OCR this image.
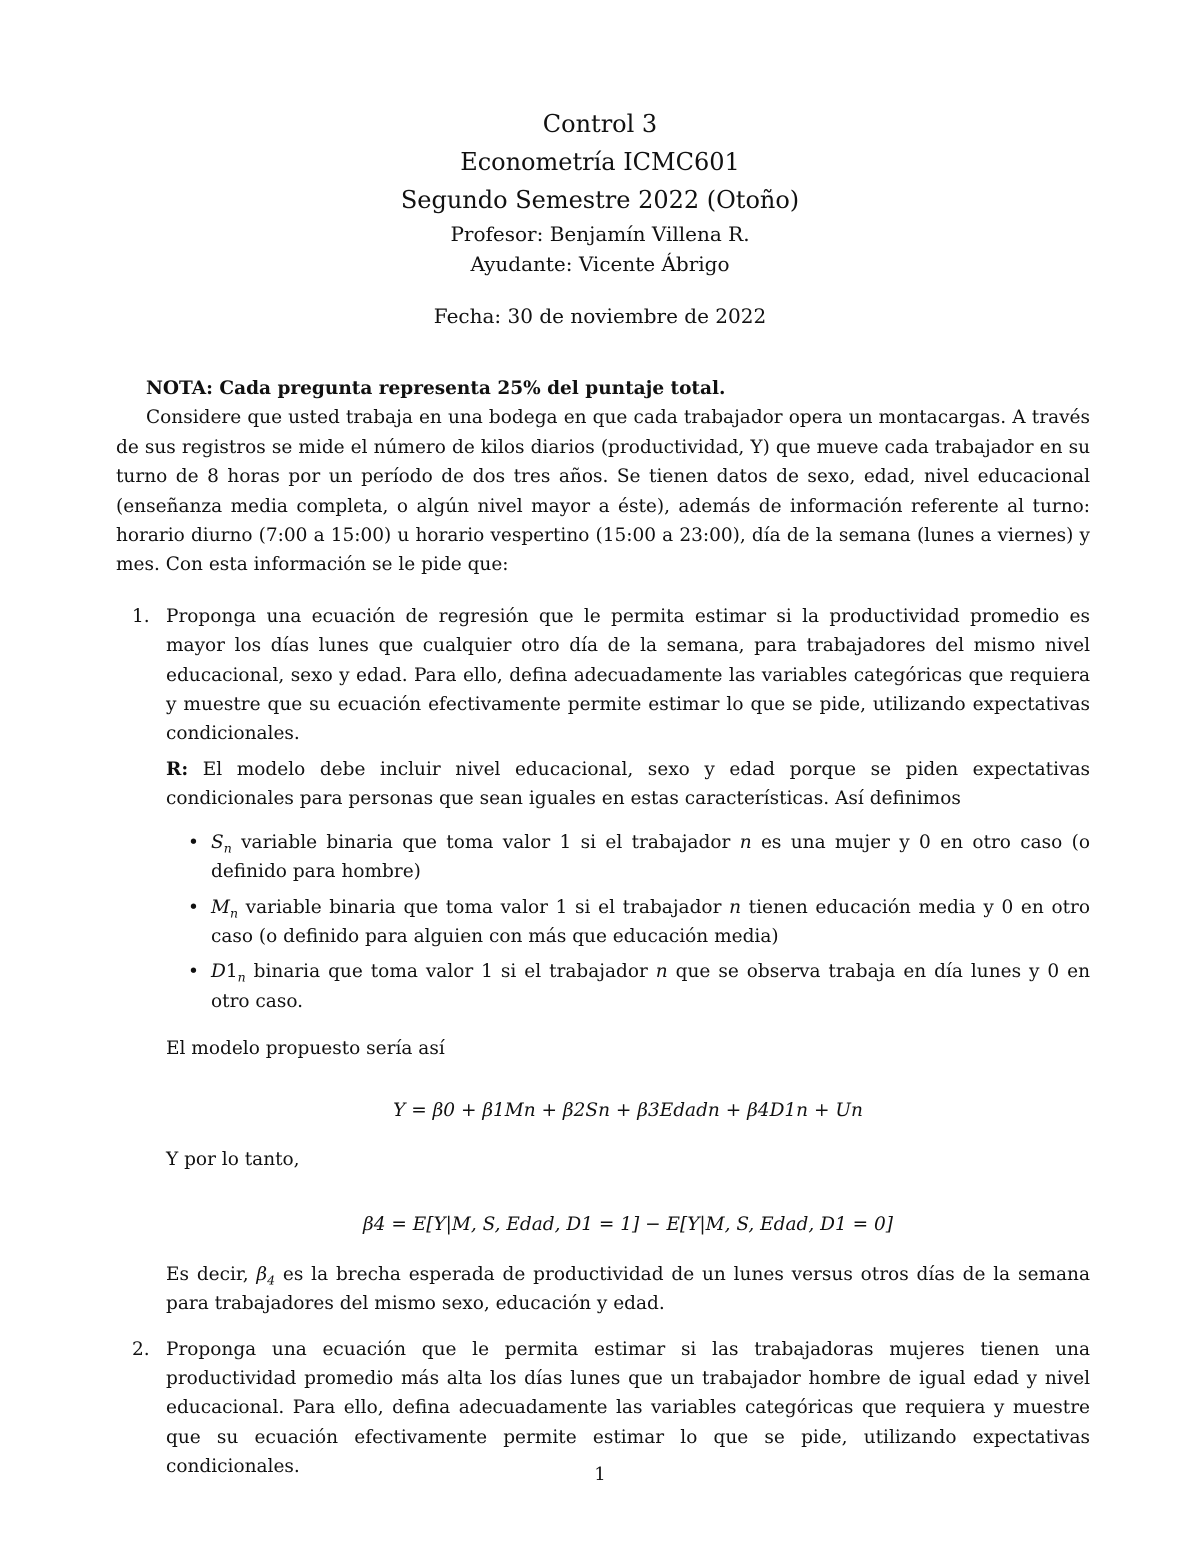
Control 3
Econometría ICMC601
Segundo Semestre 2022 (Otoño)
Profesor: Benjamín Villena R.
Ayudante: Vicente Ábrigo
Fecha: 30 de noviembre de 2022

NOTA: Cada pregunta representa 25% del puntaje total.

Considere que usted trabaja en una bodega en que cada trabajador opera un montacargas. A través de sus registros se mide el número de kilos diarios (productividad, Y) que mueve cada trabajador en su turno de 8 horas por un período de dos tres años. Se tienen datos de sexo, edad, nivel educacional (enseñanza media completa, o algún nivel mayor a éste), además de información referente al turno: horario diurno (7:00 a 15:00) u horario vespertino (15:00 a 23:00), día de la semana (lunes a viernes) y mes. Con esta información se le pide que:

1. Proponga una ecuación de regresión que le permita estimar si la productividad promedio es mayor los días lunes que cualquier otro día de la semana, para trabajadores del mismo nivel educacional, sexo y edad. Para ello, defina adecuadamente las variables categóricas que requiera y muestre que su ecuación efectivamente permite estimar lo que se pide, utilizando expectativas condicionales.

R: El modelo debe incluir nivel educacional, sexo y edad porque se piden expectativas condicionales para personas que sean iguales en estas características. Así definimos

• $S_n$ variable binaria que toma valor 1 si el trabajador n es una mujer y 0 en otro caso (o definido para hombre)
• $M_n$ variable binaria que toma valor 1 si el trabajador n tienen educación media y 0 en otro caso (o definido para alguien con más que educación media)
• $D1_n$ binaria que toma valor 1 si el trabajador n que se observa trabaja en día lunes y 0 en otro caso.

El modelo propuesto sería así

Y = β0 + β1Mn + β2Sn + β3Edadn + β4D1n + Un

Y por lo tanto,

β4 = E[Y|M, S, Edad, D1 = 1] − E[Y|M, S, Edad, D1 = 0]

Es decir, $\beta_4$ es la brecha esperada de productividad de un lunes versus otros días de la semana para trabajadores del mismo sexo, educación y edad.

2. Proponga una ecuación que le permita estimar si las trabajadoras mujeres tienen una productividad promedio más alta los días lunes que un trabajador hombre de igual edad y nivel educacional. Para ello, defina adecuadamente las variables categóricas que requiera y muestre que su ecuación efectivamente permite estimar lo que se pide, utilizando expectativas condicionales.	1
